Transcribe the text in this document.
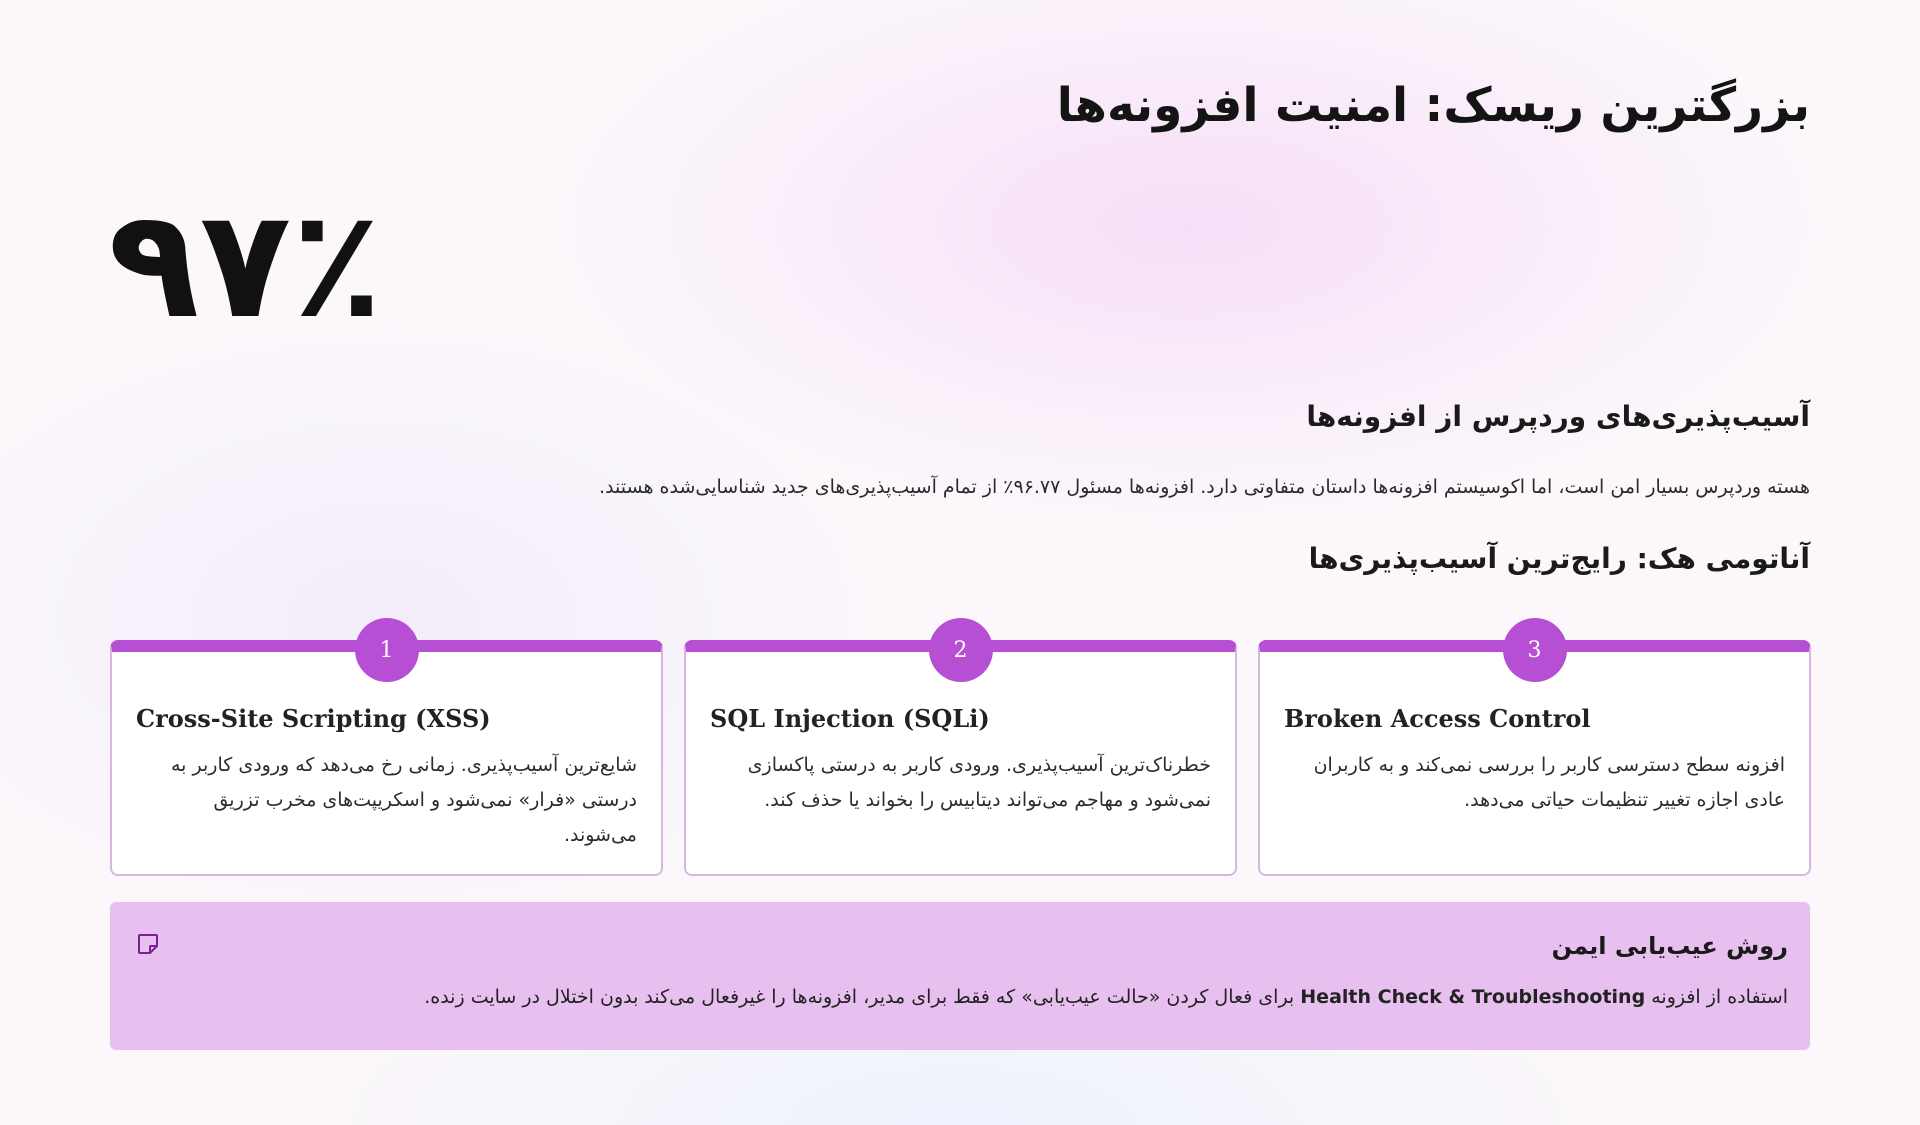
بزرگترین ریسک: امنیت افزونه‌ها
۹۷٪
آسیب‌پذیری‌های وردپرس از افزونه‌ها

هسته وردپرس بسیار امن است، اما اکوسیستم افزونه‌ها داستان متفاوتی دارد. افزونه‌ها مسئول ۹۶.۷۷٪ از تمام آسیب‌پذیری‌های جدید شناسایی‌شده هستند.

آناتومی هک: رایج‌ترین آسیب‌پذیری‌ها
1
Cross-Site Scripting (XSS)
شایع‌ترین آسیب‌پذیری. زمانی رخ می‌دهد که ورودی کاربر به درستی «فرار» نمی‌شود و اسکریپت‌های مخرب تزریق می‌شوند.
2
SQL Injection (SQLi)
خطرناک‌ترین آسیب‌پذیری. ورودی کاربر به درستی پاکسازی نمی‌شود و مهاجم می‌تواند دیتابیس را بخواند یا حذف کند.
3
Broken Access Control
افزونه سطح دسترسی کاربر را بررسی نمی‌کند و به کاربران عادی اجازه تغییر تنظیمات حیاتی می‌دهد.
روش عیب‌یابی ایمن

استفاده از افزونه Health Check & Troubleshooting برای فعال کردن «حالت عیب‌یابی» که فقط برای مدیر، افزونه‌ها را غیرفعال می‌کند بدون اختلال در سایت زنده.
